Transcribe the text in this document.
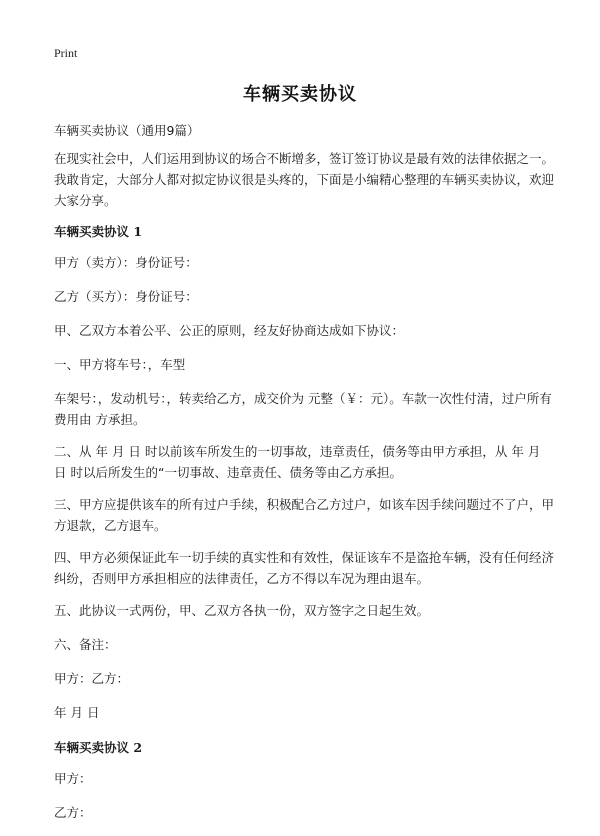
Print
车辆买卖协议

车辆买卖协议（通用9篇）

在现实社会中，人们运用到协议的场合不断增多，签订签订协议是最有效的法律依据之一。我敢肯定，大部分人都对拟定协议很是头疼的，下面是小编精心整理的车辆买卖协议，欢迎大家分享。

车辆买卖协议 1

甲方（卖方）：身份证号：

乙方（买方）：身份证号：

甲、乙双方本着公平、公正的原则，经友好协商达成如下协议：

一、甲方将车号：，车型

车架号：，发动机号：，转卖给乙方，成交价为 元整（￥：元）。车款一次性付清，过户所有费用由 方承担。

二、从 年 月 日 时以前该车所发生的一切事故，违章责任，债务等由甲方承担，从 年 月 日 时以后所发生的“一切事故、违章责任、债务等由乙方承担。

三、甲方应提供该车的所有过户手续，积极配合乙方过户，如该车因手续问题过不了户，甲方退款，乙方退车。

四、甲方必须保证此车一切手续的真实性和有效性，保证该车不是盗抢车辆，没有任何经济纠纷，否则甲方承担相应的法律责任，乙方不得以车况为理由退车。

五、此协议一式两份，甲、乙双方各执一份，双方签字之日起生效。

六、备注：

甲方：乙方：

年 月 日

车辆买卖协议 2

甲方：

乙方：
